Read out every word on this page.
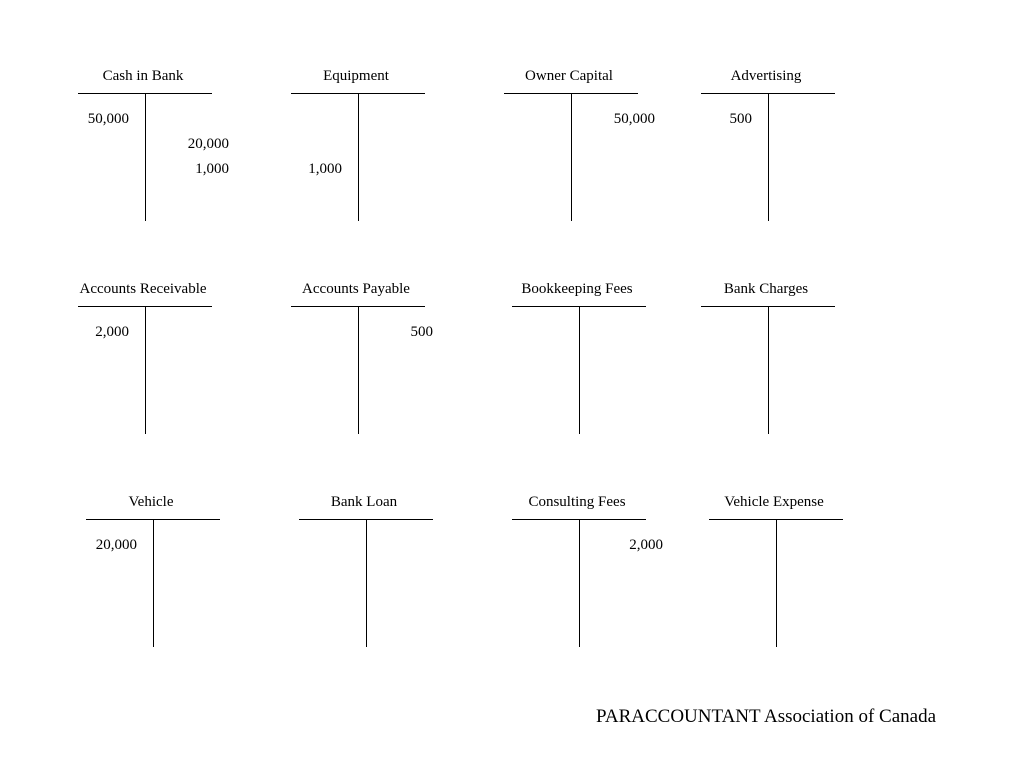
Cash in Bank
50,000
20,000
1,000
Equipment
1,000
Owner Capital
50,000
Advertising
500
Accounts Receivable
2,000
Accounts Payable
500
Bookkeeping Fees	Bank Charges
Vehicle
20,000
Bank Loan	Consulting Fees
2,000
Vehicle Expense
PARACCOUNTANT Association of Canada
